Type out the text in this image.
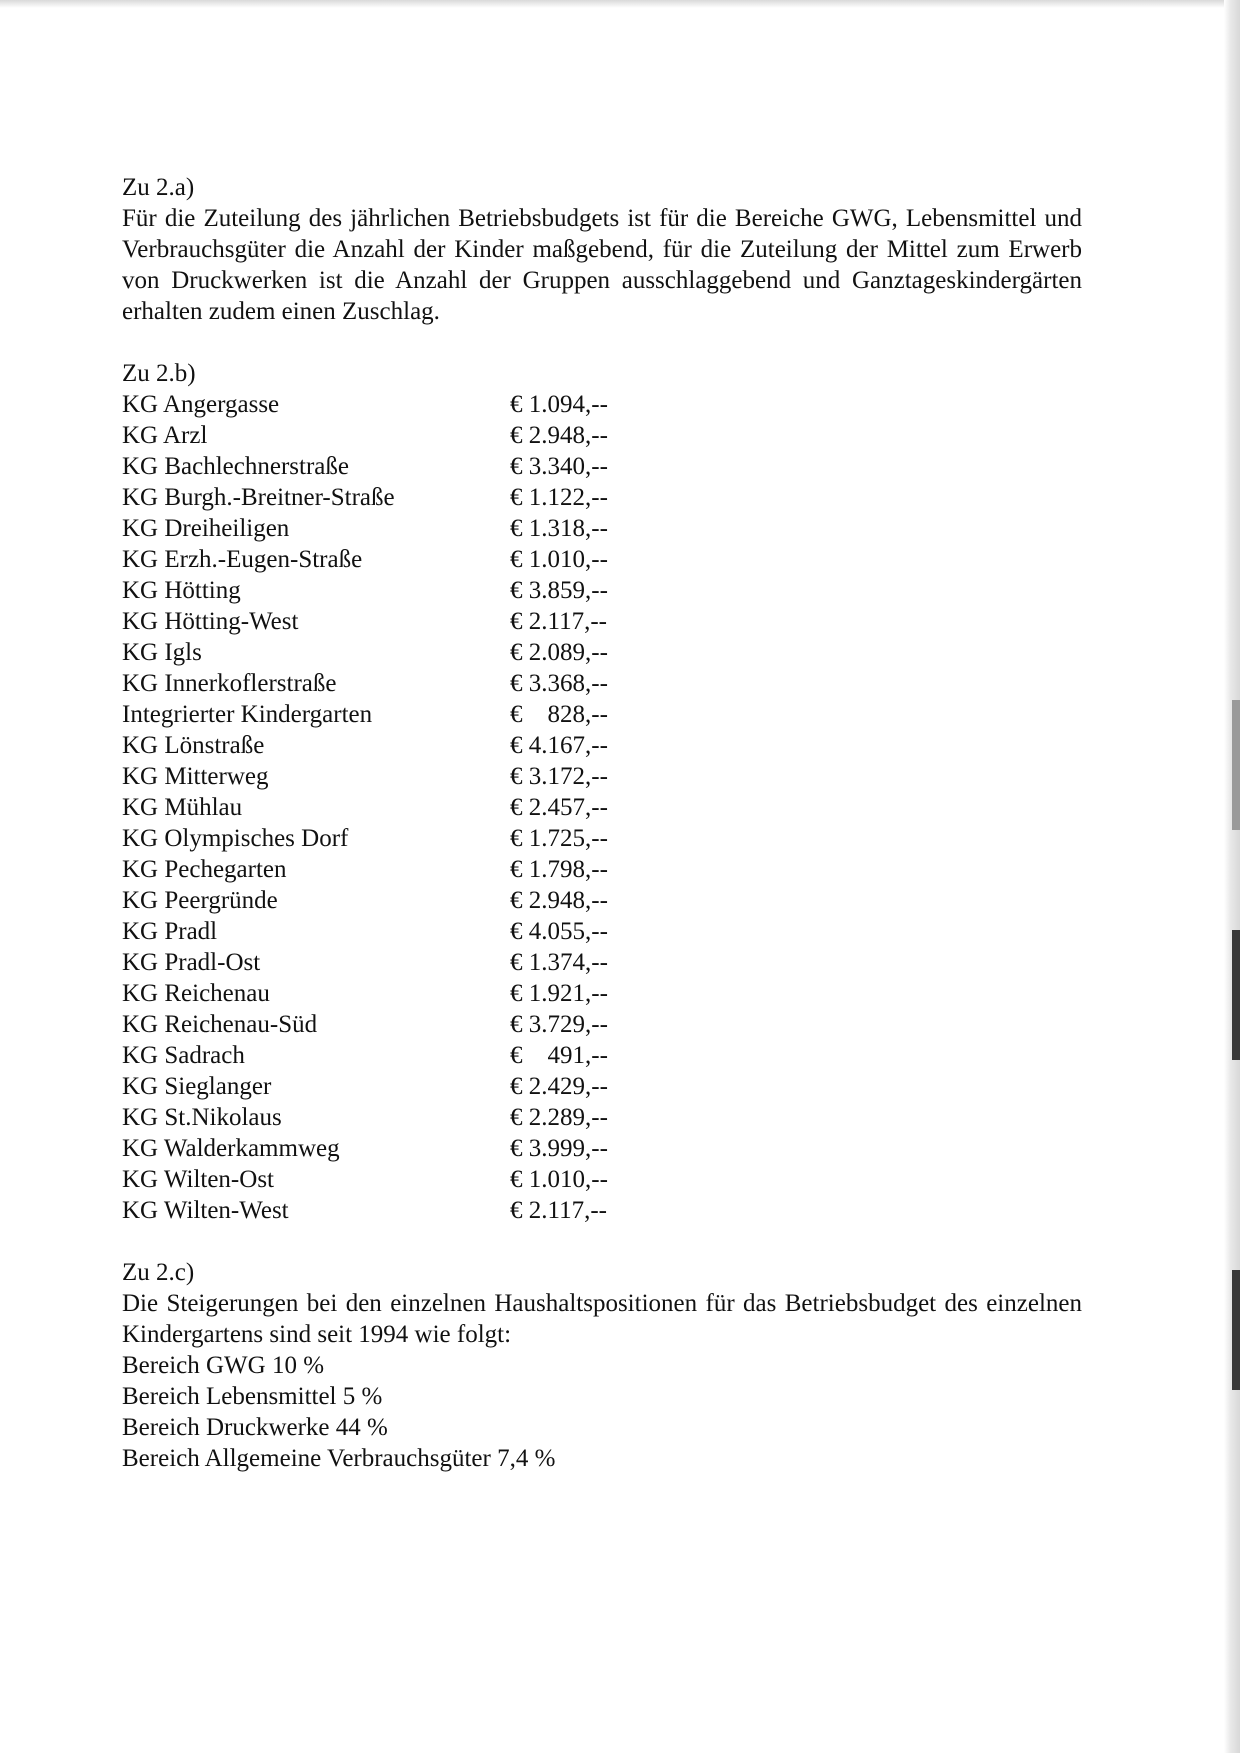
Zu 2.a)

Für die Zuteilung des jährlichen Betriebsbudgets ist für die Bereiche GWG, Lebensmittel und Verbrauchsgüter die Anzahl der Kinder maßgebend, für die Zuteilung der Mittel zum Erwerb von Druckwerken ist die Anzahl der Gruppen ausschlaggebend und Ganztageskindergärten erhalten zudem einen Zuschlag.

Zu 2.b)

KG Angergasse	€ 1.094,--
KG Arzl	€ 2.948,--
KG Bachlechnerstraße	€ 3.340,--
KG Burgh.-Breitner-Straße	€ 1.122,--
KG Dreiheiligen	€ 1.318,--
KG Erzh.-Eugen-Straße	€ 1.010,--
KG Hötting	€ 3.859,--
KG Hötting-West	€ 2.117,--
KG Igls	€ 2.089,--
KG Innerkoflerstraße	€ 3.368,--
Integrierter Kindergarten	€    828,--
KG Lönstraße	€ 4.167,--
KG Mitterweg	€ 3.172,--
KG Mühlau	€ 2.457,--
KG Olympisches Dorf	€ 1.725,--
KG Pechegarten	€ 1.798,--
KG Peergründe	€ 2.948,--
KG Pradl	€ 4.055,--
KG Pradl-Ost	€ 1.374,--
KG Reichenau	€ 1.921,--
KG Reichenau-Süd	€ 3.729,--
KG Sadrach	€    491,--
KG Sieglanger	€ 2.429,--
KG St.Nikolaus	€ 2.289,--
KG Walderkammweg	€ 3.999,--
KG Wilten-Ost	€ 1.010,--
KG Wilten-West	€ 2.117,--

Zu 2.c)

Die Steigerungen bei den einzelnen Haushaltspositionen für das Betriebsbudget des einzelnen Kindergartens sind seit 1994 wie folgt:

Bereich GWG 10 %

Bereich Lebensmittel 5 %

Bereich Druckwerke 44 %

Bereich Allgemeine Verbrauchsgüter 7,4 %
